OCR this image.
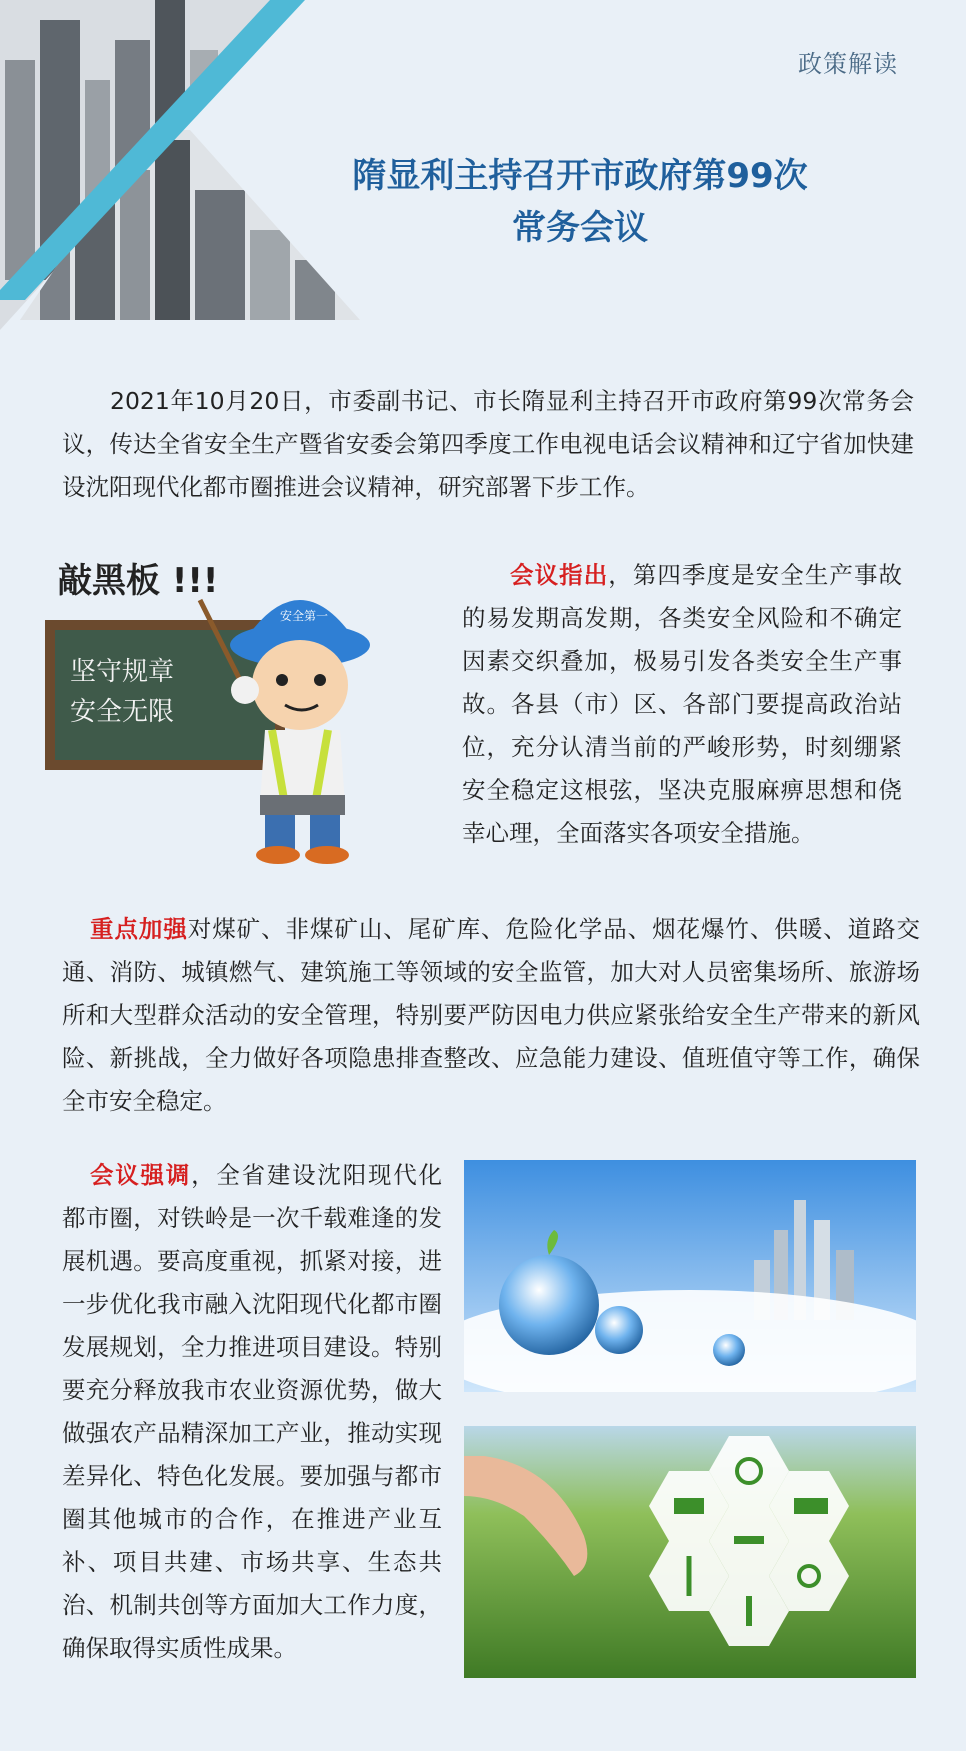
政策解读
隋显利主持召开市政府第99次
常务会议

2021年10月20日，市委副书记、市长隋显利主持召开市政府第99次常务会议，传达全省安全生产暨省安委会第四季度工作电视电话会议精神和辽宁省加快建设沈阳现代化都市圈推进会议精神，研究部署下步工作。

敲黑板 !!!
坚守规章
安全无限
安全第一

会议指出，第四季度是安全生产事故的易发期高发期，各类安全风险和不确定因素交织叠加，极易引发各类安全生产事故。各县（市）区、各部门要提高政治站位，充分认清当前的严峻形势，时刻绷紧安全稳定这根弦，坚决克服麻痹思想和侥幸心理，全面落实各项安全措施。

重点加强对煤矿、非煤矿山、尾矿库、危险化学品、烟花爆竹、供暖、道路交通、消防、城镇燃气、建筑施工等领域的安全监管，加大对人员密集场所、旅游场所和大型群众活动的安全管理，特别要严防因电力供应紧张给安全生产带来的新风险、新挑战，全力做好各项隐患排查整改、应急能力建设、值班值守等工作，确保全市安全稳定。

会议强调，全省建设沈阳现代化都市圈，对铁岭是一次千载难逢的发展机遇。要高度重视，抓紧对接，进一步优化我市融入沈阳现代化都市圈发展规划，全力推进项目建设。特别要充分释放我市农业资源优势，做大做强农产品精深加工产业，推动实现差异化、特色化发展。要加强与都市圈其他城市的合作，在推进产业互补、项目共建、市场共享、生态共治、机制共创等方面加大工作力度，确保取得实质性成果。
